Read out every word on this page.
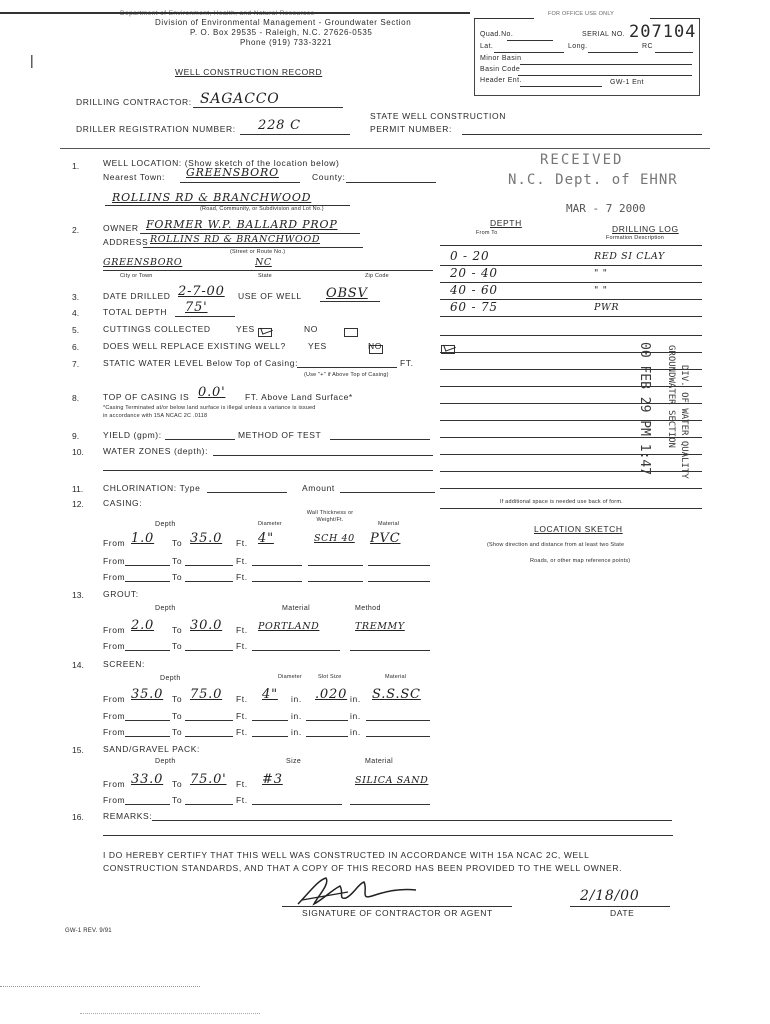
Department of Environment, Health, and Natural Resources
Division of Environmental Management - Groundwater Section
P. O. Box 29535 - Raleigh, N.C. 27626-0535
Phone (919) 733-3221
WELL CONSTRUCTION RECORD
|
FOR OFFICE USE ONLY
Quad.No.	SERIAL NO. 207104
Lat.	Long.	RC
Minor Basin
Basin Code
Header Ent.	GW-1 Ent
DRILLING CONTRACTOR: SAGACCO
DRILLER REGISTRATION NUMBER: 228 C
STATE WELL CONSTRUCTION
PERMIT NUMBER:
1.	WELL LOCATION: (Show sketch of the location below)
Nearest Town: GREENSBORO	County:
ROLLINS RD & BRANCHWOOD
(Road, Community, or Subdivision and Lot No.)
2.	OWNER FORMER W.P. BALLARD PROP
ADDRESS ROLLINS RD & BRANCHWOOD
(Street or Route No.)
GREENSBORO	NC
City or Town	State	Zip Code
3.	DATE DRILLED 2-7-00 USE OF WELL OBSV
4.	TOTAL DEPTH 75'
5.	CUTTINGS COLLECTED	YES
	NO

6.	DOES WELL REPLACE EXISTING WELL?	YES
	NO
7.	STATIC WATER LEVEL Below Top of Casing:	FT.
(Use "+" if Above Top of Casing)
8.	TOP OF CASING IS 0.0' FT. Above Land Surface*
*Casing Terminated at/or below land surface is illegal unless a variance is issued
in accordance with 15A NCAC 2C .0118
9.	YIELD (gpm):	METHOD OF TEST
10. WATER ZONES (depth):
11. CHLORINATION: Type	Amount
12. CASING:
Depth	Diameter
Wall Thickness or Weight/Ft.
Material
From 1.0 To 35.0 Ft. 4"	SCH 40 PVC
From	To	Ft.
From	To	Ft.
13. GROUT:
Depth	Material	Method
From 2.0 To 30.0 Ft. PORTLAND	TREMMY
From	To	Ft.
14. SCREEN:
Depth	Diameter	Slot Size	Material
From 35.0 To 75.0 Ft. 4" in. .020 in. S.S.SC
From	To	Ft.	in.	in.
From	To	Ft.	in.	in.
15. SAND/GRAVEL PACK:
Depth	Size	Material
From 33.0 To 75.0' Ft. #3	SILICA SAND
From	To	Ft.
16. REMARKS:
DEPTH
From To	DRILLING LOG
Formation Description
0 - 20	RED SI CLAY
20 - 40	" "
40 - 60	" "
60 - 75	PWR
If additional space is needed use back of form.
LOCATION SKETCH
(Show direction and distance from at least two State
Roads, or other map reference points)
RECEIVED
N.C. Dept. of EHNR
MAR - 7 2000
00 FEB 29 PM 1:47 GROUNDWATER SECTION DIV. OF WATER QUALITY
I DO HEREBY CERTIFY THAT THIS WELL WAS CONSTRUCTED IN ACCORDANCE WITH 15A NCAC 2C, WELL
CONSTRUCTION STANDARDS, AND THAT A COPY OF THIS RECORD HAS BEEN PROVIDED TO THE WELL OWNER.
SIGNATURE OF CONTRACTOR OR AGENT
2/18/00
DATE
GW-1 REV. 9/91
